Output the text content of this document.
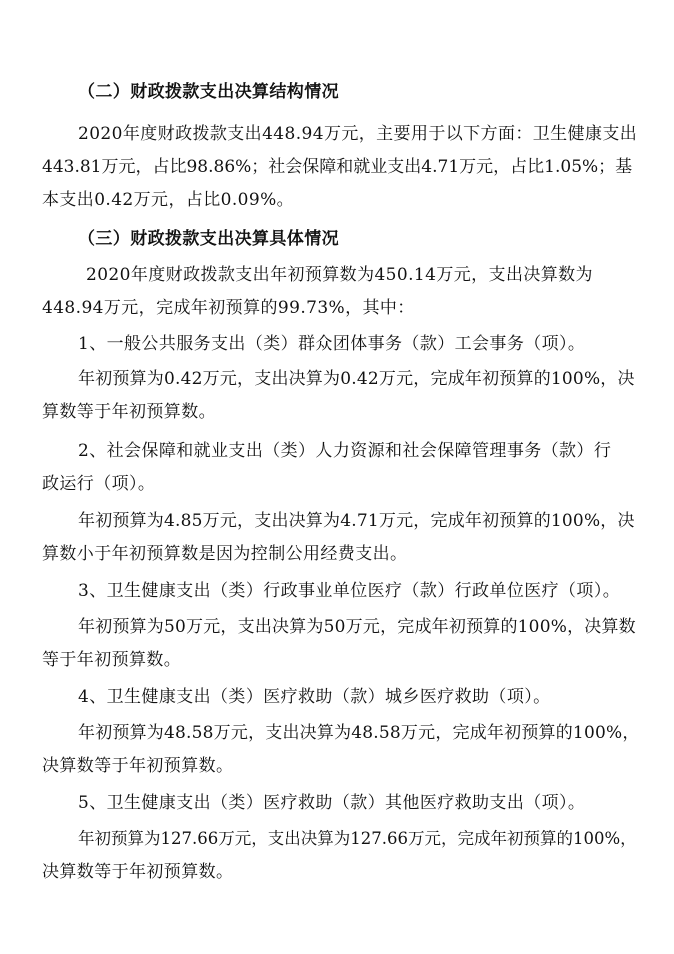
（二）财政拨款支出决算结构情况
2020年度财政拨款支出448.94万元，主要用于以下方面：卫生健康支出
443.81万元，占比98.86%；社会保障和就业支出4.71万元，占比1.05%；基
本支出0.42万元，占比0.09%。
（三）财政拨款支出决算具体情况
2020年度财政拨款支出年初预算数为450.14万元，支出决算数为
448.94万元，完成年初预算的99.73%，其中：
1、一般公共服务支出（类）群众团体事务（款）工会事务（项）。
年初预算为0.42万元，支出决算为0.42万元，完成年初预算的100%，决
算数等于年初预算数。
2、社会保障和就业支出（类）人力资源和社会保障管理事务（款）行
政运行（项）。
年初预算为4.85万元，支出决算为4.71万元，完成年初预算的100%，决
算数小于年初预算数是因为控制公用经费支出。
3、卫生健康支出（类）行政事业单位医疗（款）行政单位医疗（项）。
年初预算为50万元，支出决算为50万元，完成年初预算的100%，决算数
等于年初预算数。
4、卫生健康支出（类）医疗救助（款）城乡医疗救助（项）。
年初预算为48.58万元，支出决算为48.58万元，完成年初预算的100%，
决算数等于年初预算数。
5、卫生健康支出（类）医疗救助（款）其他医疗救助支出（项）。
年初预算为127.66万元，支出决算为127.66万元，完成年初预算的100%，
决算数等于年初预算数。
